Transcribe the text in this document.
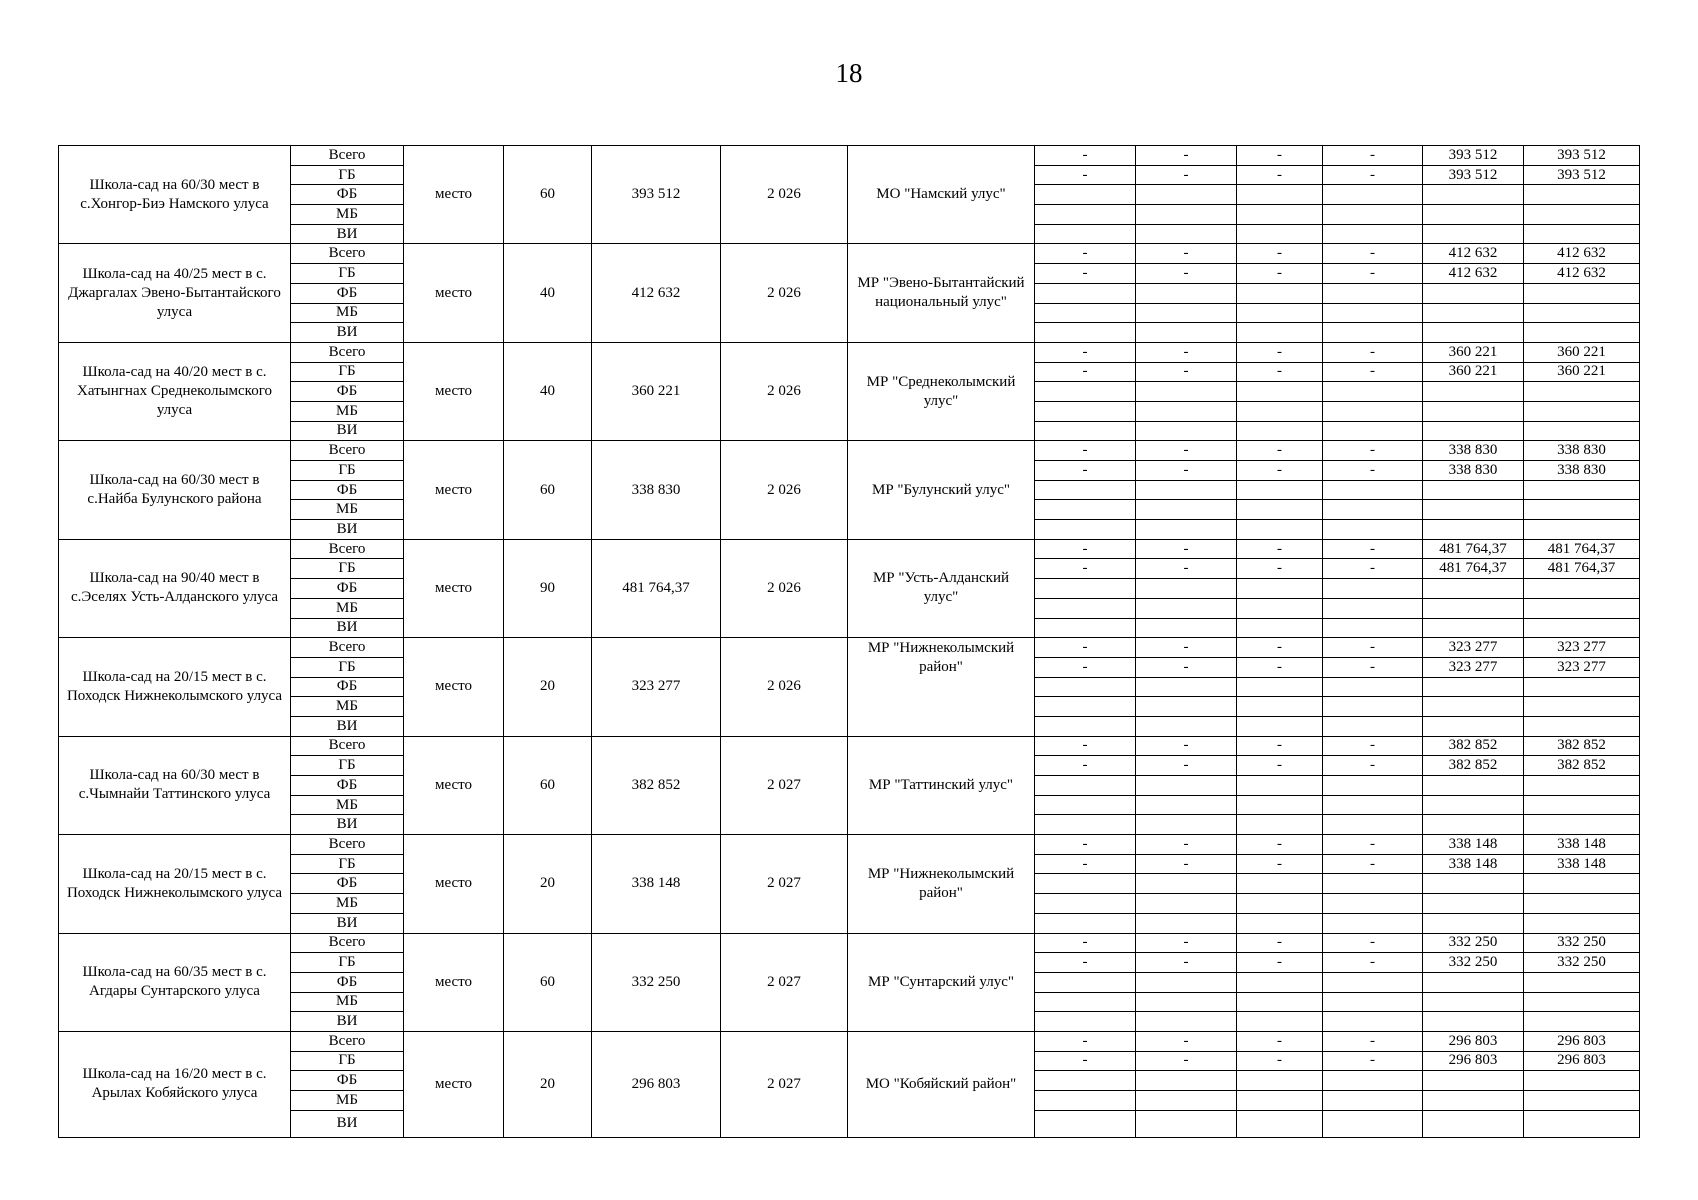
18
Школа-сад на 60/30 мест в с.Хонгор-Биэ Намского улуса	Всего	место	60	393 512	2 026	МО "Намский улус"	-	-	-	-	393 512	393 512
	ГБ						-	-	-	-	393 512	393 512
	ФБ											
	МБ											
	ВИ											
Школа-сад на 40/25 мест в с. Джаргалах Эвено-Бытантайского улуса	Всего	место	40	412 632	2 026	МР "Эвено-Бытантайский национальный улус"	-	-	-	-	412 632	412 632
	ГБ						-	-	-	-	412 632	412 632
	ФБ											
	МБ											
	ВИ											
Школа-сад на 40/20 мест в с. Хатынгнах Среднеколымского улуса	Всего	место	40	360 221	2 026	МР "Среднеколымский улус"	-	-	-	-	360 221	360 221
	ГБ						-	-	-	-	360 221	360 221
	ФБ											
	МБ											
	ВИ											
Школа-сад на 60/30 мест в с.Найба Булунского района	Всего	место	60	338 830	2 026	МР "Булунский улус"	-	-	-	-	338 830	338 830
	ГБ						-	-	-	-	338 830	338 830
	ФБ											
	МБ											
	ВИ											
Школа-сад на 90/40 мест в с.Эселях Усть-Алданского улуса	Всего	место	90	481 764,37	2 026	МР "Усть-Алданский улус"	-	-	-	-	481 764,37	481 764,37
	ГБ						-	-	-	-	481 764,37	481 764,37
	ФБ											
	МБ											
	ВИ											
Школа-сад на 20/15 мест в с. Походск Нижнеколымского улуса	Всего	место	20	323 277	2 026	МР "Нижнеколымский район"	-	-	-	-	323 277	323 277
	ГБ						-	-	-	-	323 277	323 277
	ФБ											
	МБ											
	ВИ											
Школа-сад на 60/30 мест в с.Чымнайи Таттинского улуса	Всего	место	60	382 852	2 027	МР "Таттинский улус"	-	-	-	-	382 852	382 852
	ГБ						-	-	-	-	382 852	382 852
	ФБ											
	МБ											
	ВИ											
Школа-сад на 20/15 мест в с. Походск Нижнеколымского улуса	Всего	место	20	338 148	2 027	МР "Нижнеколымский район"	-	-	-	-	338 148	338 148
	ГБ						-	-	-	-	338 148	338 148
	ФБ											
	МБ											
	ВИ											
Школа-сад на 60/35 мест в с. Агдары Сунтарского улуса	Всего	место	60	332 250	2 027	МР "Сунтарский улус"	-	-	-	-	332 250	332 250
	ГБ						-	-	-	-	332 250	332 250
	ФБ											
	МБ											
	ВИ											
Школа-сад на 16/20 мест в с. Арылах Кобяйского улуса	Всего	место	20	296 803	2 027	МО "Кобяйский район"	-	-	-	-	296 803	296 803
	ГБ						-	-	-	-	296 803	296 803
	ФБ											
	МБ											
	ВИ											
